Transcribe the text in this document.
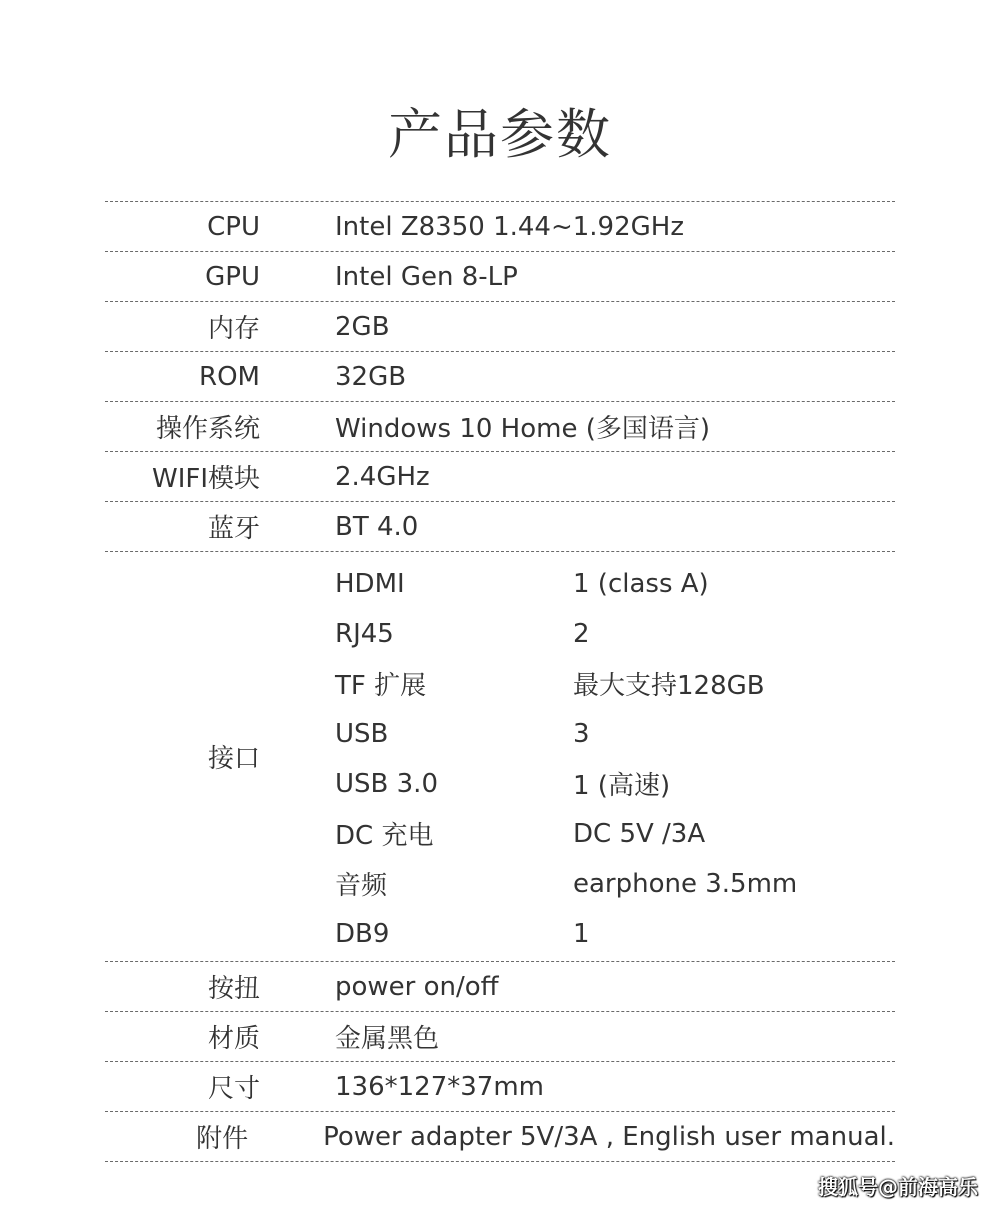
产品参数
CPU	Intel Z8350 1.44~1.92GHz
GPU	Intel Gen 8-LP
内存	2GB
ROM	32GB
操作系统	Windows 10 Home (多国语言)
WIFI模块	2.4GHz
蓝牙	BT 4.0
接口
HDMI	1 (class A)
RJ45	2
TF 扩展	最大支持128GB
USB	3
USB 3.0	1 (高速)
DC 充电	DC 5V /3A
音频	earphone 3.5mm
DB9	1
按扭	power on/off
材质	金属黑色
尺寸	136*127*37mm
附件	Power adapter 5V/3A , English user manual.
搜狐号@前海高乐
